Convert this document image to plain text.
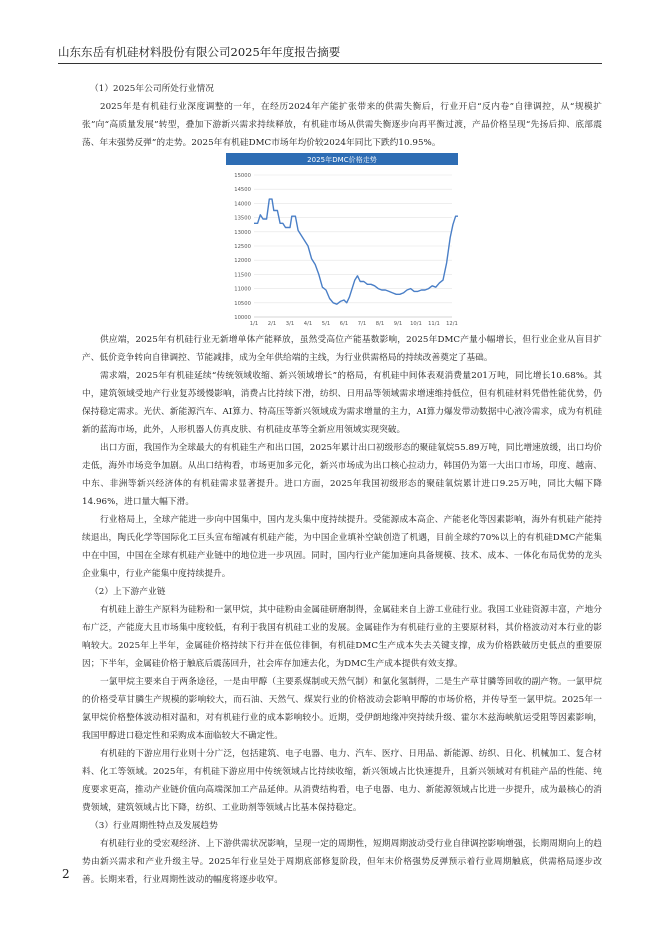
山东东岳有机硅材料股份有限公司2025年年度报告摘要

（1）2025年公司所处行业情况

2025年是有机硅行业深度调整的一年，在经历2024年产能扩张带来的供需失衡后，行业开启“反内卷”自律调控，从“规模扩张”向“高质量发展”转型，叠加下游新兴需求持续释放，有机硅市场从供需失衡逐步向再平衡过渡，产品价格呈现“先扬后抑、底部震荡、年末强势反弹”的走势。2025年有机硅DMC市场年均价较2024年同比下跌约10.95%。

2025年DMC价格走势
15000
14500
14000
13500
13000
12500
12000
11500
11000
10500
10000
1/1 2/1 3/1 4/1 5/1 6/1 7/1 8/1 9/1 10/1 11/1 12/1

供应端，2025年有机硅行业无新增单体产能释放，虽然受高位产能基数影响，2025年DMC产量小幅增长，但行业企业从盲目扩产、低价竞争转向自律调控、节能减排，成为全年供给端的主线，为行业供需格局的持续改善奠定了基础。

需求端，2025年有机硅延续“传统领域收缩、新兴领域增长”的格局，有机硅中间体表观消费量201万吨，同比增长10.68%。其中，建筑领域受地产行业复苏缓慢影响，消费占比持续下滑，纺织、日用品等领域需求增速维持低位，但有机硅材料凭借性能优势，仍保持稳定需求。光伏、新能源汽车、AI算力、特高压等新兴领域成为需求增量的主力，AI算力爆发带动数据中心液冷需求，成为有机硅新的蓝海市场，此外，人形机器人仿真皮肤、有机硅皮革等全新应用领域实现突破。

出口方面，我国作为全球最大的有机硅生产和出口国，2025年累计出口初级形态的聚硅氧烷55.89万吨，同比增速放缓，出口均价走低，海外市场竞争加剧。从出口结构看，市场更加多元化，新兴市场成为出口核心拉动力，韩国仍为第一大出口市场，印度、越南、中东、非洲等新兴经济体的有机硅需求显著提升。进口方面，2025年我国初级形态的聚硅氧烷累计进口9.25万吨，同比大幅下降14.96%，进口量大幅下滑。

行业格局上，全球产能进一步向中国集中，国内龙头集中度持续提升。受能源成本高企、产能老化等因素影响，海外有机硅产能持续退出，陶氏化学等国际化工巨头宣布缩减有机硅产能，为中国企业填补空缺创造了机遇，目前全球约70%以上的有机硅DMC产能集中在中国，中国在全球有机硅产业链中的地位进一步巩固。同时，国内行业产能加速向具备规模、技术、成本、一体化布局优势的龙头企业集中，行业产能集中度持续提升。

（2）上下游产业链

有机硅上游生产原料为硅粉和一氯甲烷，其中硅粉由金属硅研磨制得，金属硅来自上游工业硅行业。我国工业硅资源丰富，产地分布广泛，产能庞大且市场集中度较低，有利于我国有机硅工业的发展。金属硅作为有机硅行业的主要原材料，其价格波动对本行业的影响较大。2025年上半年，金属硅价格持续下行并在低位徘徊，有机硅DMC生产成本失去关键支撑，成为价格跌破历史低点的重要原因；下半年，金属硅价格于触底后震荡回升，社会库存加速去化，为DMC生产成本提供有效支撑。

一氯甲烷主要来自于两条途径，一是由甲醇（主要系煤制或天然气制）和氯化氢制得，二是生产草甘膦等回收的副产物。一氯甲烷的价格受草甘膦生产规模的影响较大，而石油、天然气、煤炭行业的价格波动会影响甲醇的市场价格，并传导至一氯甲烷。2025年一氯甲烷价格整体波动相对温和，对有机硅行业的成本影响较小。近期，受伊朗地缘冲突持续升级、霍尔木兹海峡航运受阻等因素影响，我国甲醇进口稳定性和采购成本面临较大不确定性。

有机硅的下游应用行业则十分广泛，包括建筑、电子电器、电力、汽车、医疗、日用品、新能源、纺织、日化、机械加工、复合材料、化工等领域。2025年，有机硅下游应用中传统领域占比持续收缩，新兴领域占比快速提升，且新兴领域对有机硅产品的性能、纯度要求更高，推动产业链价值向高端深加工产品延伸。从消费结构看，电子电器、电力、新能源领域占比进一步提升，成为最核心的消费领域，建筑领域占比下降，纺织、工业助剂等领域占比基本保持稳定。

（3）行业周期性特点及发展趋势

有机硅行业的受宏观经济、上下游供需状况影响，呈现一定的周期性，短期周期波动受行业自律调控影响增强，长期周期向上的趋势由新兴需求和产业升级主导。2025年行业呈处于周期底部修复阶段，但年末价格强势反弹预示着行业周期触底，供需格局逐步改善。长期来看，行业周期性波动的幅度将逐步收窄。

2
